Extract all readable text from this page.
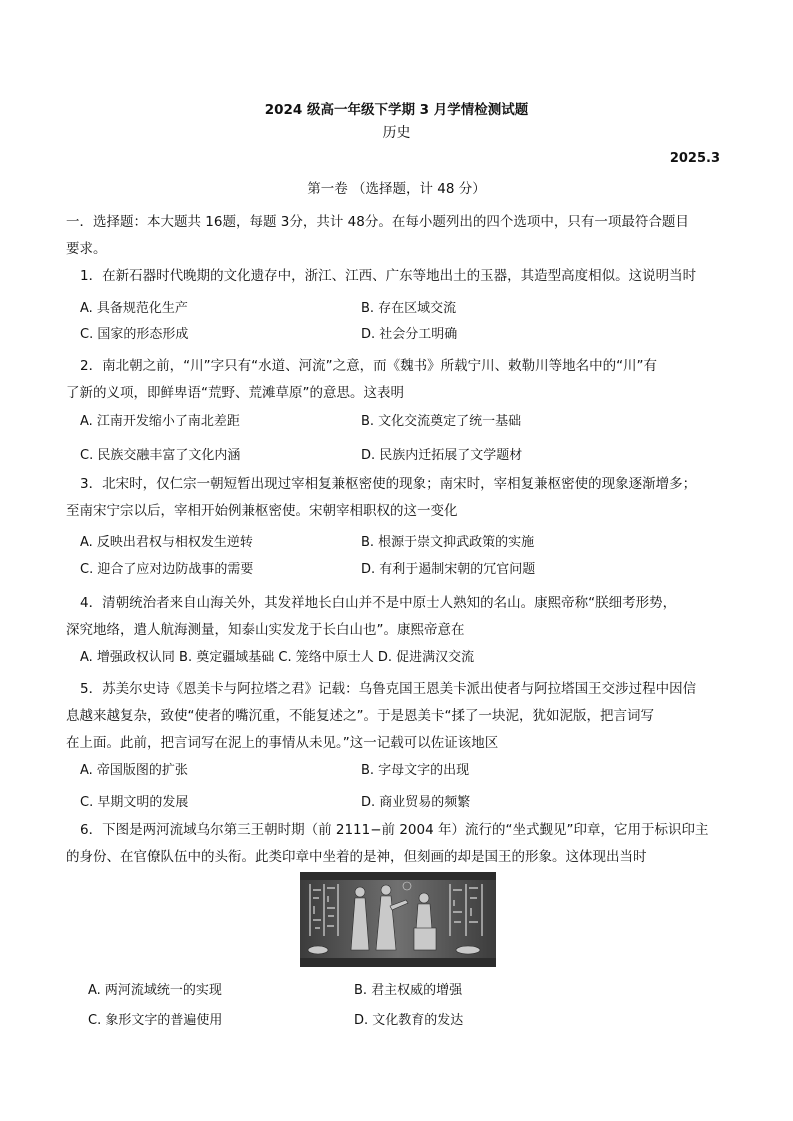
2024 级高一年级下学期 3 月学情检测试题
历史
2025.3
第一卷 （选择题，计 48 分）
一．选择题：本大题共 16题，每题 3分，共计 48分。在每小题列出的四个选项中，只有一项最符合题目
要求。
1．在新石器时代晚期的文化遗存中，浙江、江西、广东等地出土的玉器，其造型高度相似。这说明当时
A. 具备规范化生产	B. 存在区域交流
C. 国家的形态形成	D. 社会分工明确
2．南北朝之前，“川”字只有“水道、河流”之意，而《魏书》所载宁川、敕勒川等地名中的“川”有
了新的义项，即鲜卑语“荒野、荒滩草原”的意思。这表明
A. 江南开发缩小了南北差距	B. 文化交流奠定了统一基础
C. 民族交融丰富了文化内涵	D. 民族内迁拓展了文学题材
3．北宋时，仅仁宗一朝短暂出现过宰相复兼枢密使的现象；南宋时，宰相复兼枢密使的现象逐渐增多；
至南宋宁宗以后，宰相开始例兼枢密使。宋朝宰相职权的这一变化
A. 反映出君权与相权发生逆转	B. 根源于崇文抑武政策的实施
C. 迎合了应对边防战事的需要	D. 有利于遏制宋朝的冗官问题
4．清朝统治者来自山海关外，其发祥地长白山并不是中原士人熟知的名山。康熙帝称“朕细考形势，
深究地络，遣人航海测量，知泰山实发龙于长白山也”。康熙帝意在
A. 增强政权认同 B. 奠定疆域基础 C. 笼络中原士人 D. 促进满汉交流
5．苏美尔史诗《恩美卡与阿拉塔之君》记载：乌鲁克国王恩美卡派出使者与阿拉塔国王交涉过程中因信
息越来越复杂，致使“使者的嘴沉重，不能复述之”。于是恩美卡“揉了一块泥，犹如泥版，把言词写
在上面。此前，把言词写在泥上的事情从未见。”这一记载可以佐证该地区
A. 帝国版图的扩张	B. 字母文字的出现
C. 早期文明的发展	D. 商业贸易的频繁
6．下图是两河流域乌尔第三王朝时期（前 2111−前 2004 年）流行的“坐式觐见”印章，它用于标识印主
的身份、在官僚队伍中的头衔。此类印章中坐着的是神，但刻画的却是国王的形象。这体现出当时
A. 两河流域统一的实现	B. 君主权威的增强
C. 象形文字的普遍使用	D. 文化教育的发达
